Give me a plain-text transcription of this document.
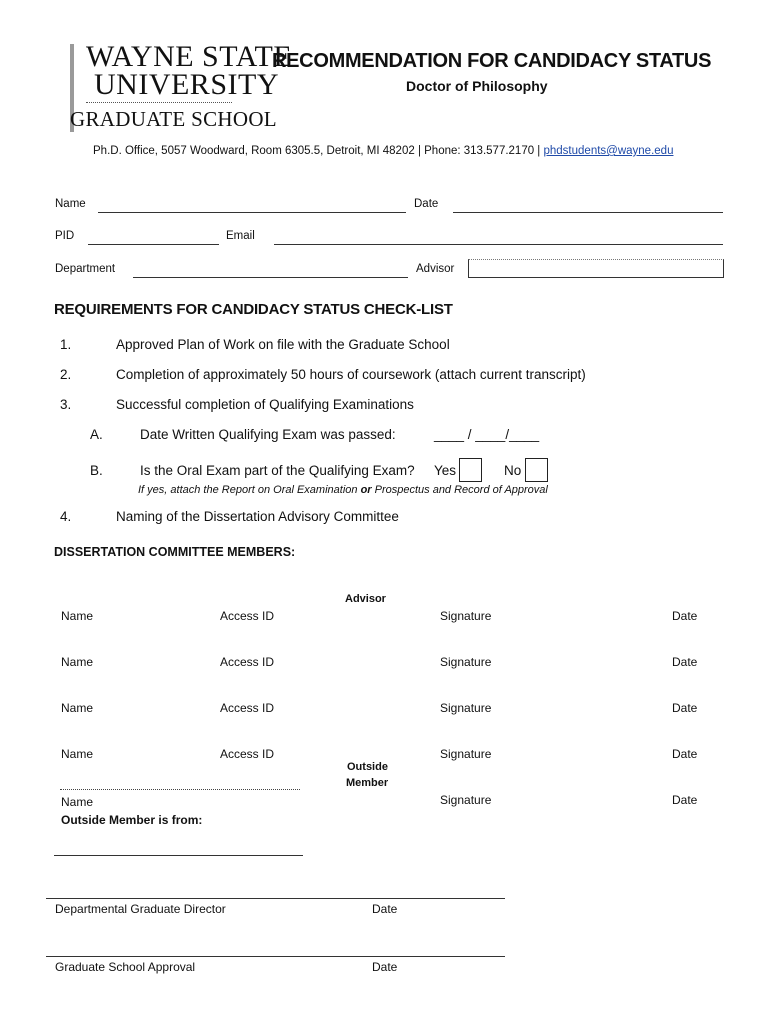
WAYNE STATE
UNIVERSITY
GRADUATE SCHOOL
RECOMMENDATION FOR CANDIDACY STATUS
Doctor of Philosophy
Ph.D. Office, 5057 Woodward, Room 6305.5, Detroit, MI 48202 | Phone: 313.577.2170 | phdstudents@wayne.edu
Name	Date
PID	Email
Department	Advisor
REQUIREMENTS FOR CANDIDACY STATUS CHECK-LIST
1.	Approved Plan of Work on file with the Graduate School
2.	Completion of approximately 50 hours of coursework (attach current transcript)
3.	Successful completion of Qualifying Examinations
A.	Date Written Qualifying Exam was passed:	____ / ____/____
B.	Is the Oral Exam part of the Qualifying Exam? Yes	No
If yes, attach the Report on Oral Examination or Prospectus and Record of Approval
4.	Naming of the Dissertation Advisory Committee
DISSERTATION COMMITTEE MEMBERS:
Advisor
Name	Access ID	Signature	Date
Name	Access ID	Signature	Date
Name	Access ID	Signature	Date
Name	Access ID	Signature	Date
Outside
Member
Name	Signature	Date
Outside Member is from:
Departmental Graduate Director	Date
Graduate School Approval	Date
